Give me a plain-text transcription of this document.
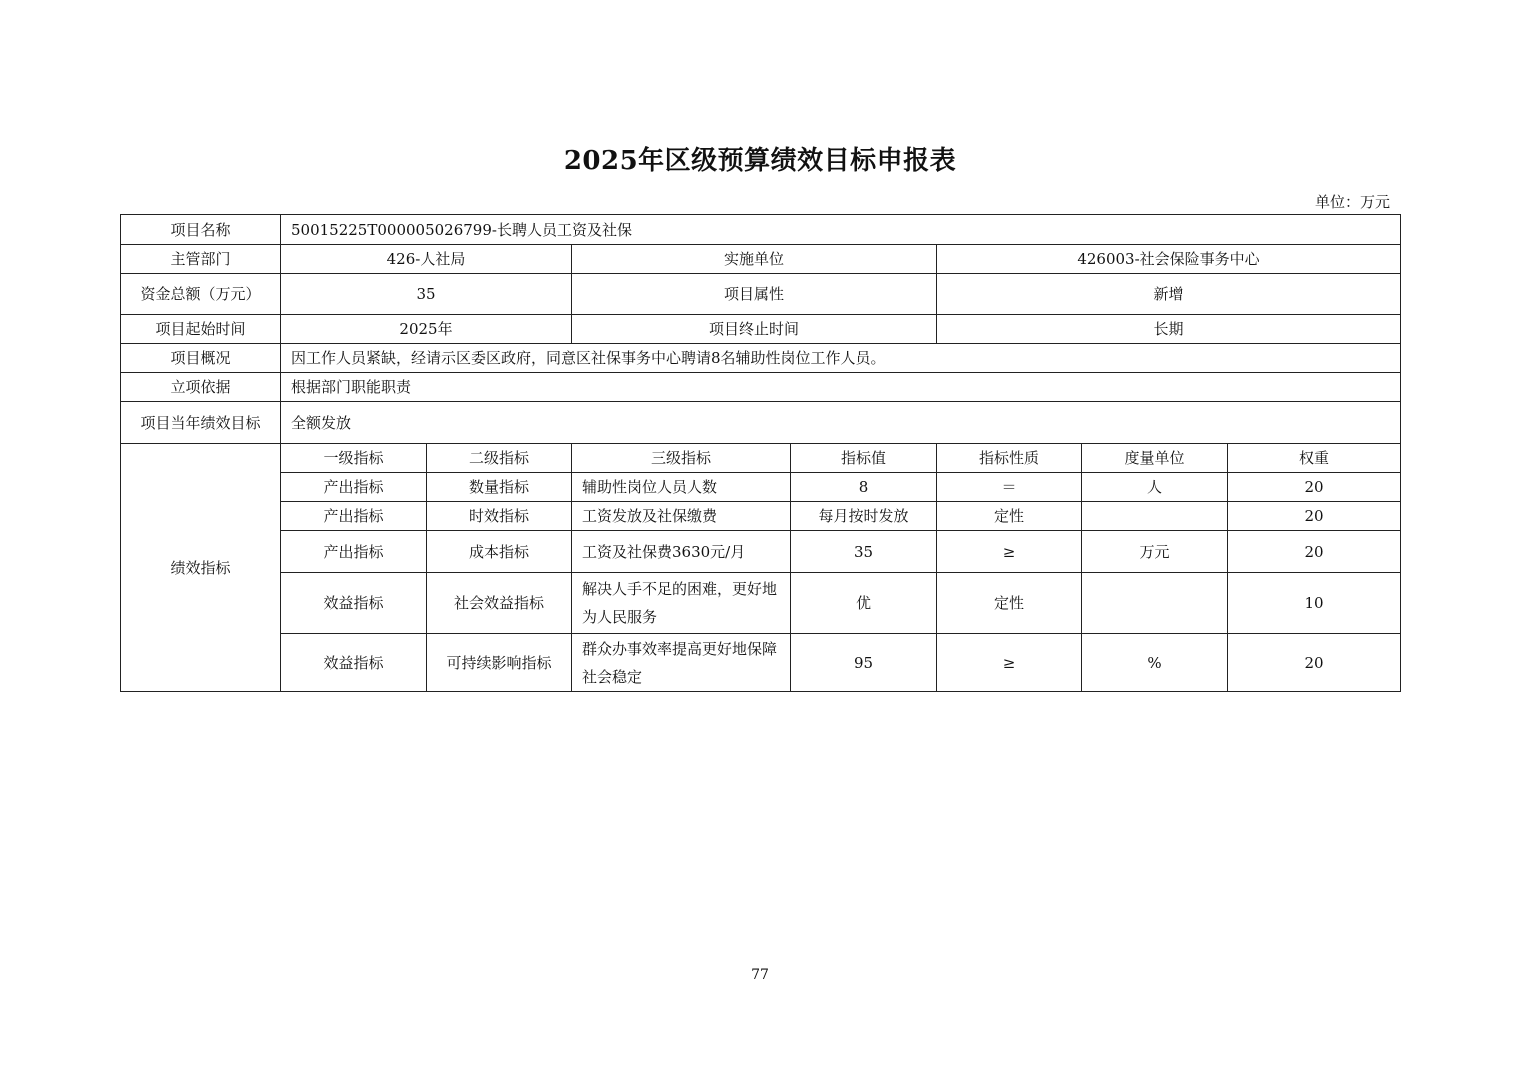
2025年区级预算绩效目标申报表
单位：万元
项目名称	50015225T000005026799-长聘人员工资及社保						
主管部门	426-人社局		实施单位		426003-社会保险事务中心		
资金总额（万元）	35		项目属性		新增		
项目起始时间	2025年		项目终止时间		长期		
项目概况	因工作人员紧缺，经请示区委区政府，同意区社保事务中心聘请8名辅助性岗位工作人员。						
立项依据	根据部门职能职责						
项目当年绩效目标	全额发放						
绩效指标	一级指标	二级指标	三级指标	指标值	指标性质	度量单位	权重
	产出指标	数量指标	辅助性岗位人员人数	8	＝	人	20
	产出指标	时效指标	工资发放及社保缴费	每月按时发放	定性		20
	产出指标	成本指标	工资及社保费3630元/月	35	≥	万元	20
	效益指标	社会效益指标	解决人手不足的困难，更好地为人民服务	优	定性		10
	效益指标	可持续影响指标	群众办事效率提高更好地保障社会稳定	95	≥	%	20
77
